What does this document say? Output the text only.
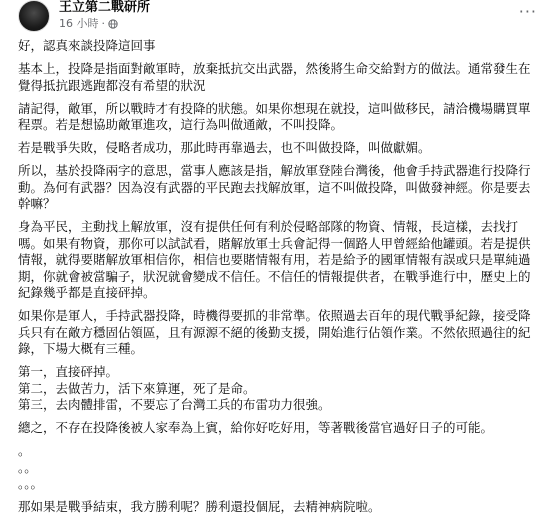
王立第二戰研所
16 小時 ·
···

好，認真來談投降這回事

基本上，投降是指面對敵軍時，放棄抵抗交出武器，然後將生命交給對方的做法。通常發生在覺得抵抗跟逃跑都沒有希望的狀況

請記得，敵軍，所以戰時才有投降的狀態。如果你想現在就投，這叫做移民，請洽機場購買單程票。若是想協助敵軍進攻，這行為叫做通敵，不叫投降。

若是戰爭失敗，侵略者成功，那此時再靠過去，也不叫做投降，叫做獻媚。

所以，基於投降兩字的意思，當事人應該是指，解放軍登陸台灣後，他會手持武器進行投降行動。為何有武器？因為沒有武器的平民跑去找解放軍，這不叫做投降，叫做發神經。你是要去幹嘛？

身為平民，主動找上解放軍，沒有提供任何有利於侵略部隊的物資、情報，長這樣，去找打嗎。如果有物資，那你可以試試看，賭解放軍士兵會記得一個路人甲曾經給他罐頭。若是提供情報，就得要賭解放軍相信你，相信也要賭情報有用，若是給予的國軍情報有誤或只是單純過期，你就會被當騙子，狀況就會變成不信任。不信任的情報提供者，在戰爭進行中，歷史上的紀錄幾乎都是直接砰掉。

如果你是軍人，手持武器投降，時機得要抓的非常準。依照過去百年的現代戰爭紀錄，接受降兵只有在敵方穩固佔領區，且有源源不絕的後勤支援，開始進行佔領作業。不然依照過往的紀錄，下場大概有三種。

第一，直接砰掉。
第二，去做苦力，活下來算運，死了是命。
第三，去肉體排雷，不要忘了台灣工兵的布雷功力很強。

總之，不存在投降後被人家奉為上賓，給你好吃好用，等著戰後當官過好日子的可能。

。
。。
。。。

那如果是戰爭結束，我方勝利呢？勝利還投個屁，去精神病院啦。
